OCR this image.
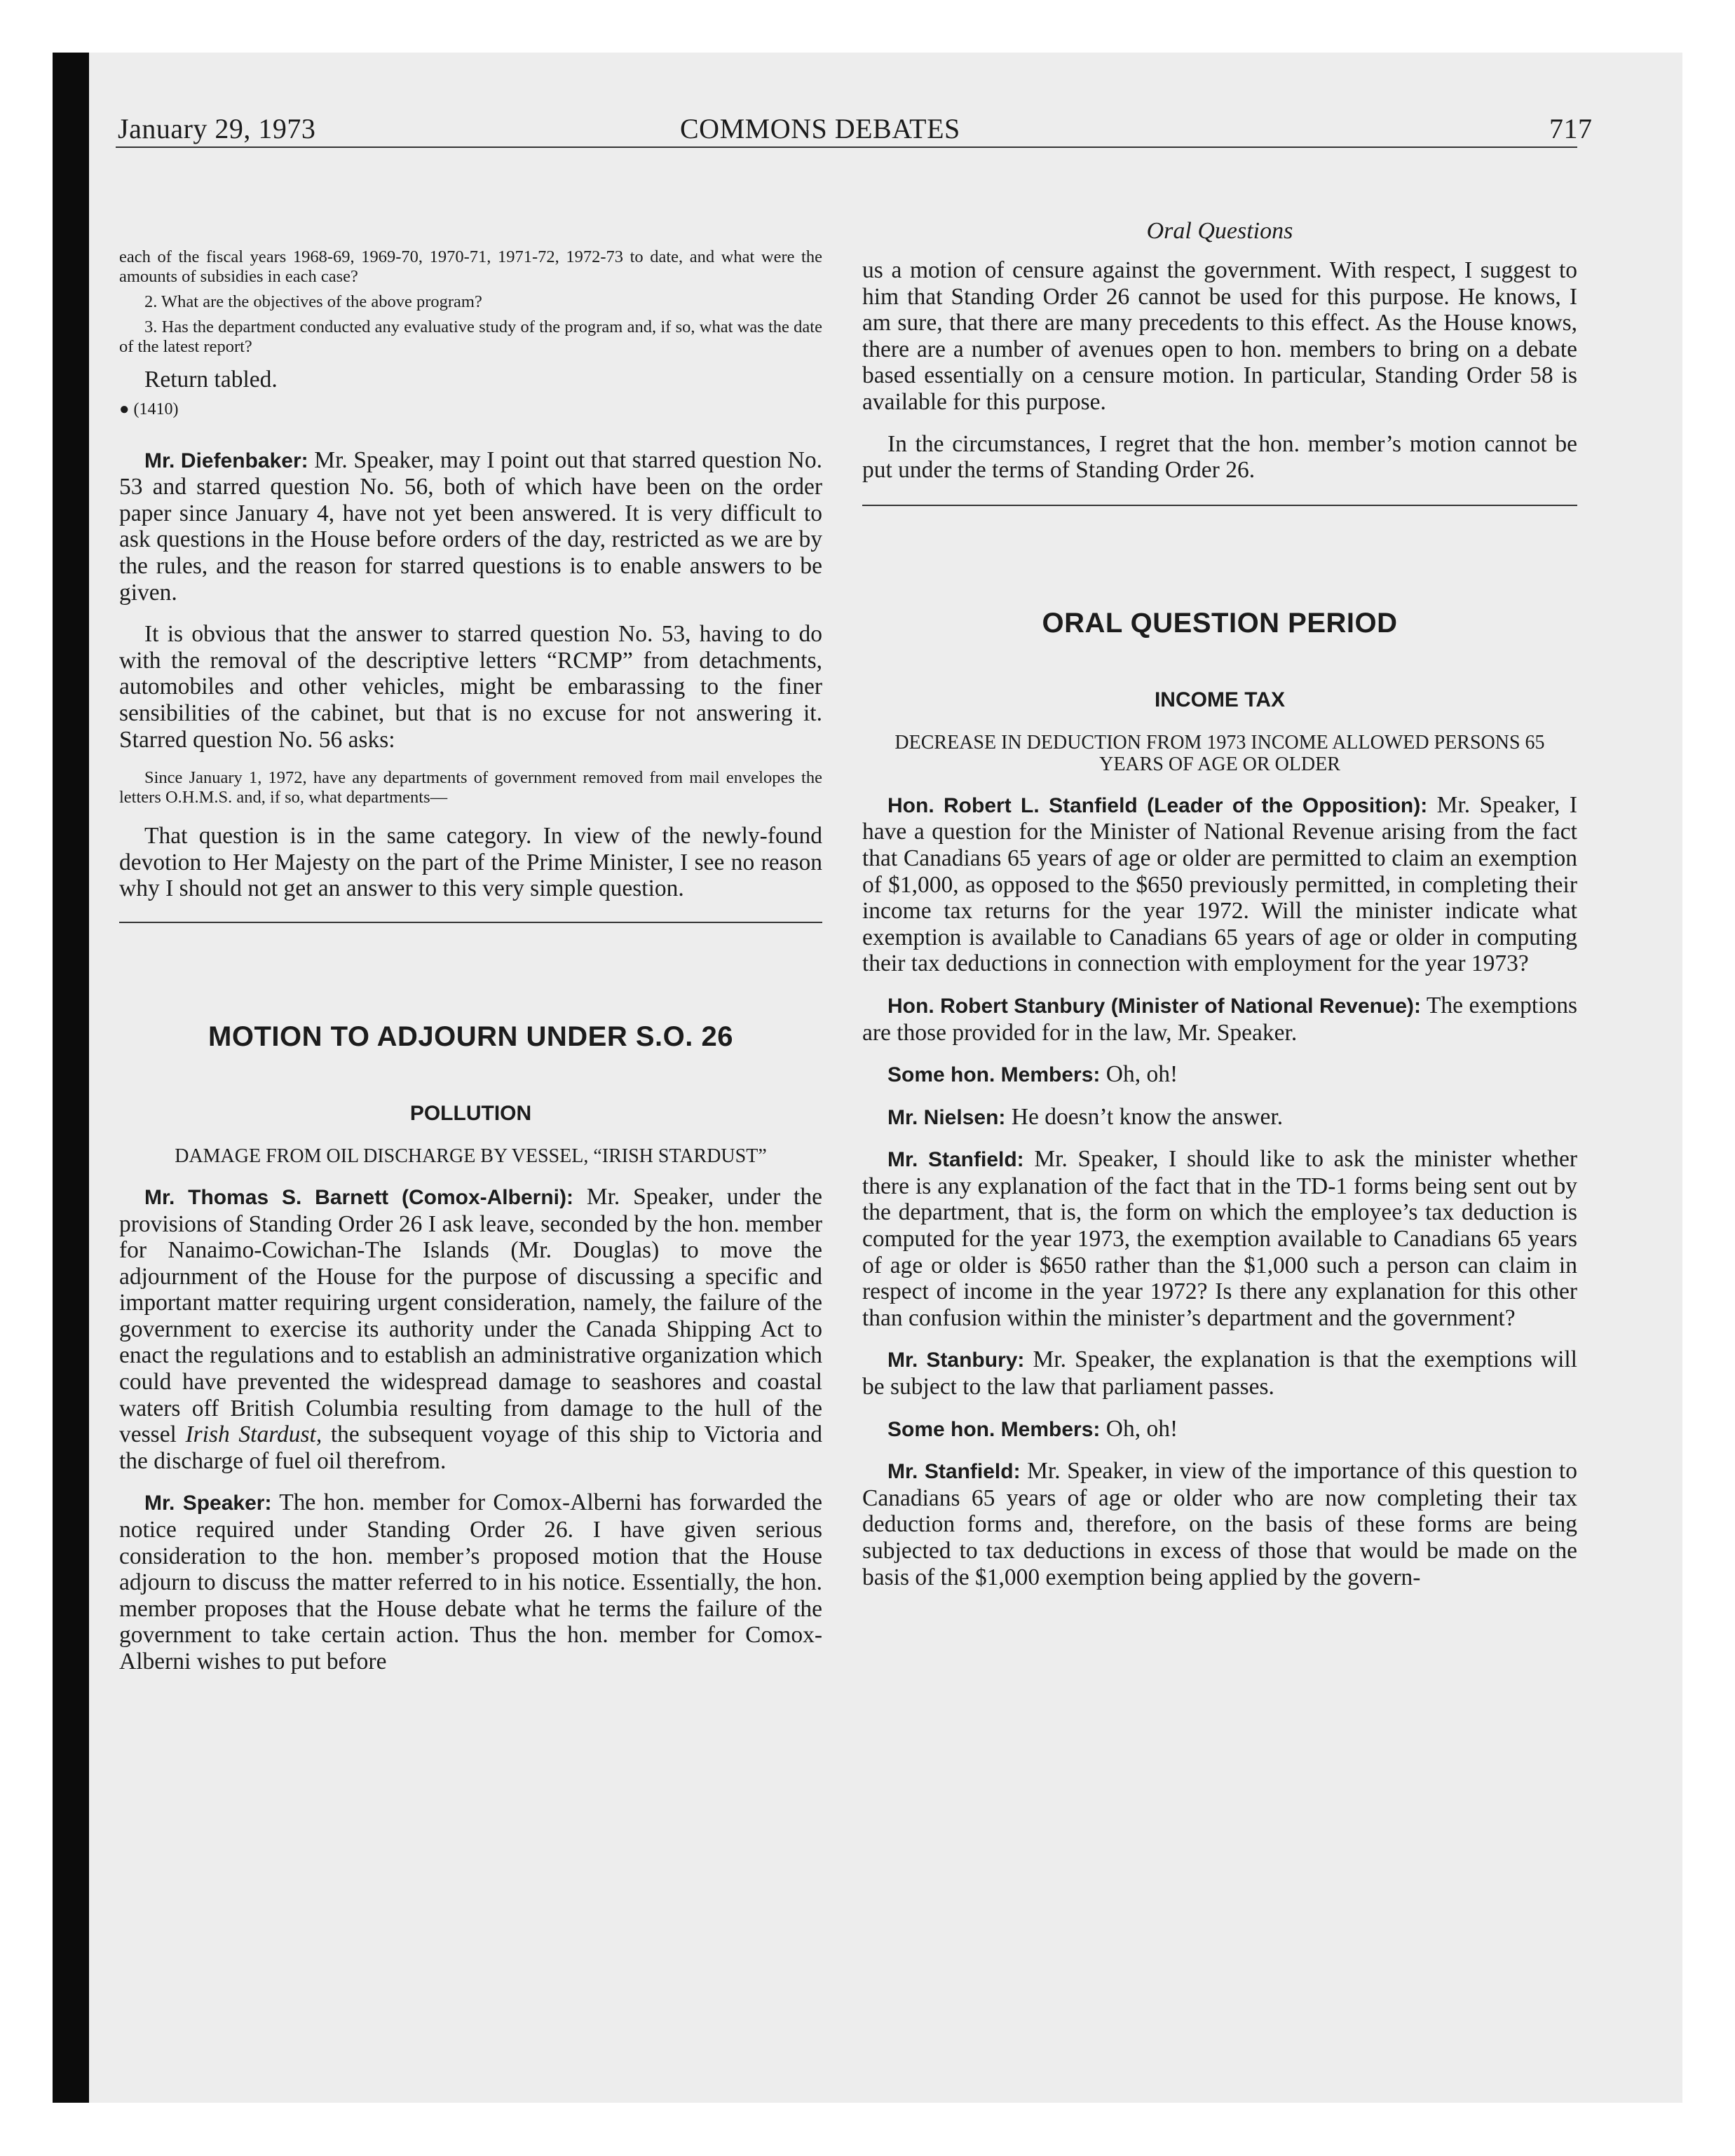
January 29, 1973	COMMONS DEBATES	717

each of the fiscal years 1968-69, 1969-70, 1970-71, 1971-72, 1972-73 to date, and what were the amounts of subsidies in each case?

2. What are the objectives of the above program?

3. Has the department conducted any evaluative study of the program and, if so, what was the date of the latest report?

Return tabled.

● (1410)

Mr. Diefenbaker: Mr. Speaker, may I point out that starred question No. 53 and starred question No. 56, both of which have been on the order paper since January 4, have not yet been answered. It is very difficult to ask questions in the House before orders of the day, restricted as we are by the rules, and the reason for starred questions is to enable answers to be given.

It is obvious that the answer to starred question No. 53, having to do with the removal of the descriptive letters “RCMP” from detachments, automobiles and other vehicles, might be embarassing to the finer sensibilities of the cabinet, but that is no excuse for not answering it. Starred question No. 56 asks:

Since January 1, 1972, have any departments of government removed from mail envelopes the letters O.H.M.S. and, if so, what departments—

That question is in the same category. In view of the newly-found devotion to Her Majesty on the part of the Prime Minister, I see no reason why I should not get an answer to this very simple question.

MOTION TO ADJOURN UNDER S.O. 26
POLLUTION
DAMAGE FROM OIL DISCHARGE BY VESSEL, “IRISH STARDUST”

Mr. Thomas S. Barnett (Comox-Alberni): Mr. Speaker, under the provisions of Standing Order 26 I ask leave, seconded by the hon. member for Nanaimo-Cowichan-The Islands (Mr. Douglas) to move the adjournment of the House for the purpose of discussing a specific and important matter requiring urgent consideration, namely, the failure of the government to exercise its authority under the Canada Shipping Act to enact the regulations and to establish an administrative organization which could have prevented the widespread damage to seashores and coastal waters off British Columbia resulting from damage to the hull of the vessel Irish Stardust, the subsequent voyage of this ship to Victoria and the discharge of fuel oil therefrom.

Mr. Speaker: The hon. member for Comox-Alberni has forwarded the notice required under Standing Order 26. I have given serious consideration to the hon. member’s proposed motion that the House adjourn to discuss the matter referred to in his notice. Essentially, the hon. member proposes that the House debate what he terms the failure of the government to take certain action. Thus the hon. member for Comox-Alberni wishes to put before

Oral Questions

us a motion of censure against the government. With respect, I suggest to him that Standing Order 26 cannot be used for this purpose. He knows, I am sure, that there are many precedents to this effect. As the House knows, there are a number of avenues open to hon. members to bring on a debate based essentially on a censure motion. In particular, Standing Order 58 is available for this purpose.

In the circumstances, I regret that the hon. member’s motion cannot be put under the terms of Standing Order 26.

ORAL QUESTION PERIOD
INCOME TAX
DECREASE IN DEDUCTION FROM 1973 INCOME ALLOWED PERSONS 65 YEARS OF AGE OR OLDER

Hon. Robert L. Stanfield (Leader of the Opposition): Mr. Speaker, I have a question for the Minister of National Revenue arising from the fact that Canadians 65 years of age or older are permitted to claim an exemption of $1,000, as opposed to the $650 previously permitted, in completing their income tax returns for the year 1972. Will the minister indicate what exemption is available to Canadians 65 years of age or older in computing their tax deductions in connection with employment for the year 1973?

Hon. Robert Stanbury (Minister of National Revenue): The exemptions are those provided for in the law, Mr. Speaker.

Some hon. Members: Oh, oh!

Mr. Nielsen: He doesn’t know the answer.

Mr. Stanfield: Mr. Speaker, I should like to ask the minister whether there is any explanation of the fact that in the TD-1 forms being sent out by the department, that is, the form on which the employee’s tax deduction is computed for the year 1973, the exemption available to Canadians 65 years of age or older is $650 rather than the $1,000 such a person can claim in respect of income in the year 1972? Is there any explanation for this other than confusion within the minister’s department and the government?

Mr. Stanbury: Mr. Speaker, the explanation is that the exemptions will be subject to the law that parliament passes.

Some hon. Members: Oh, oh!

Mr. Stanfield: Mr. Speaker, in view of the importance of this question to Canadians 65 years of age or older who are now completing their tax deduction forms and, therefore, on the basis of these forms are being subjected to tax deductions in excess of those that would be made on the basis of the $1,000 exemption being applied by the govern-
